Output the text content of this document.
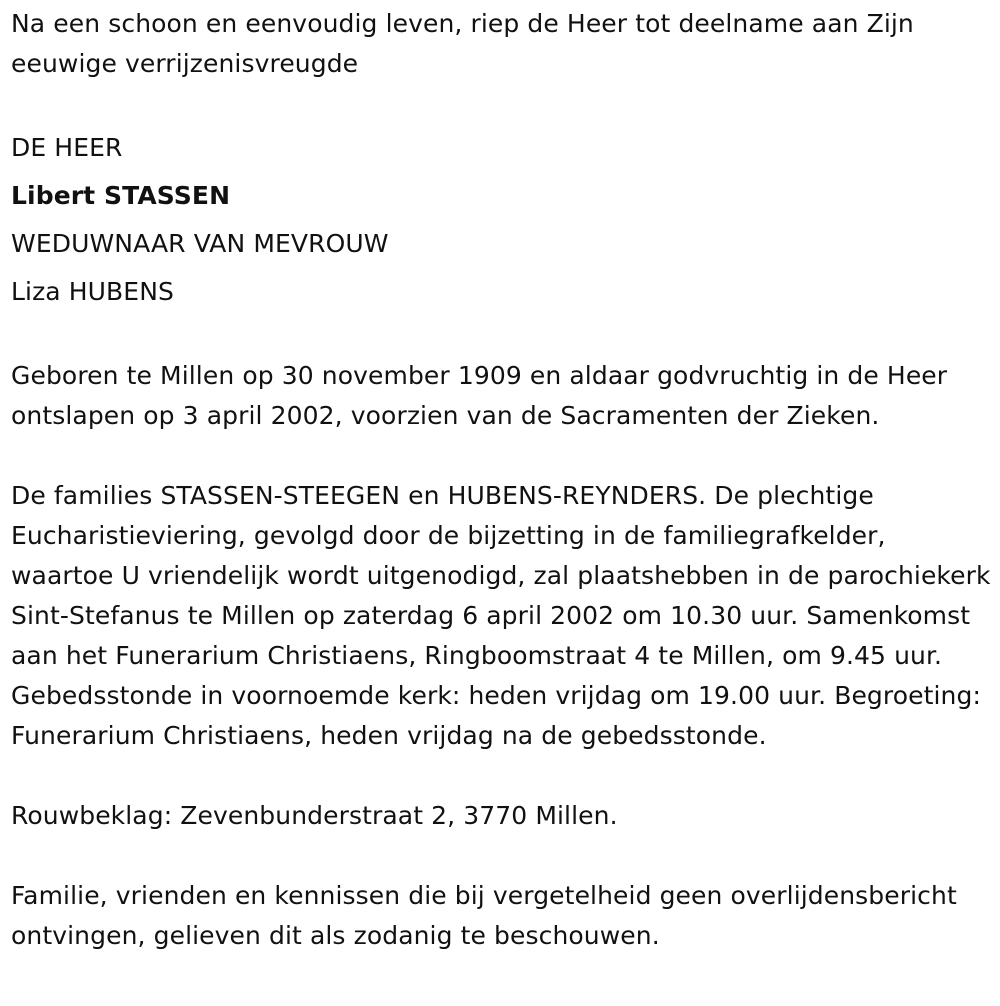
Na een schoon en eenvoudig leven, riep de Heer tot deelname aan Zijn eeuwige verrijzenisvreugde

DE HEER

Libert STASSEN

WEDUWNAAR VAN MEVROUW

Liza HUBENS

Geboren te Millen op 30 november 1909 en aldaar godvruchtig in de Heer ontslapen op 3 april 2002, voorzien van de Sacramenten der Zieken.

De families STASSEN-STEEGEN en HUBENS-REYNDERS. De plechtige Eucharistieviering, gevolgd door de bijzetting in de familiegrafkelder, waartoe U vriendelijk wordt uitgenodigd, zal plaatshebben in de parochiekerk Sint-Stefanus te Millen op zaterdag 6 april 2002 om 10.30 uur. Samenkomst aan het Funerarium Christiaens, Ringboomstraat 4 te Millen, om 9.45 uur. Gebedsstonde in voornoemde kerk: heden vrijdag om 19.00 uur. Begroeting: Funerarium Christiaens, heden vrijdag na de gebedsstonde.

Rouwbeklag: Zevenbunderstraat 2, 3770 Millen.

Familie, vrienden en kennissen die bij vergetelheid geen overlijdensbericht ontvingen, gelieven dit als zodanig te beschouwen.
